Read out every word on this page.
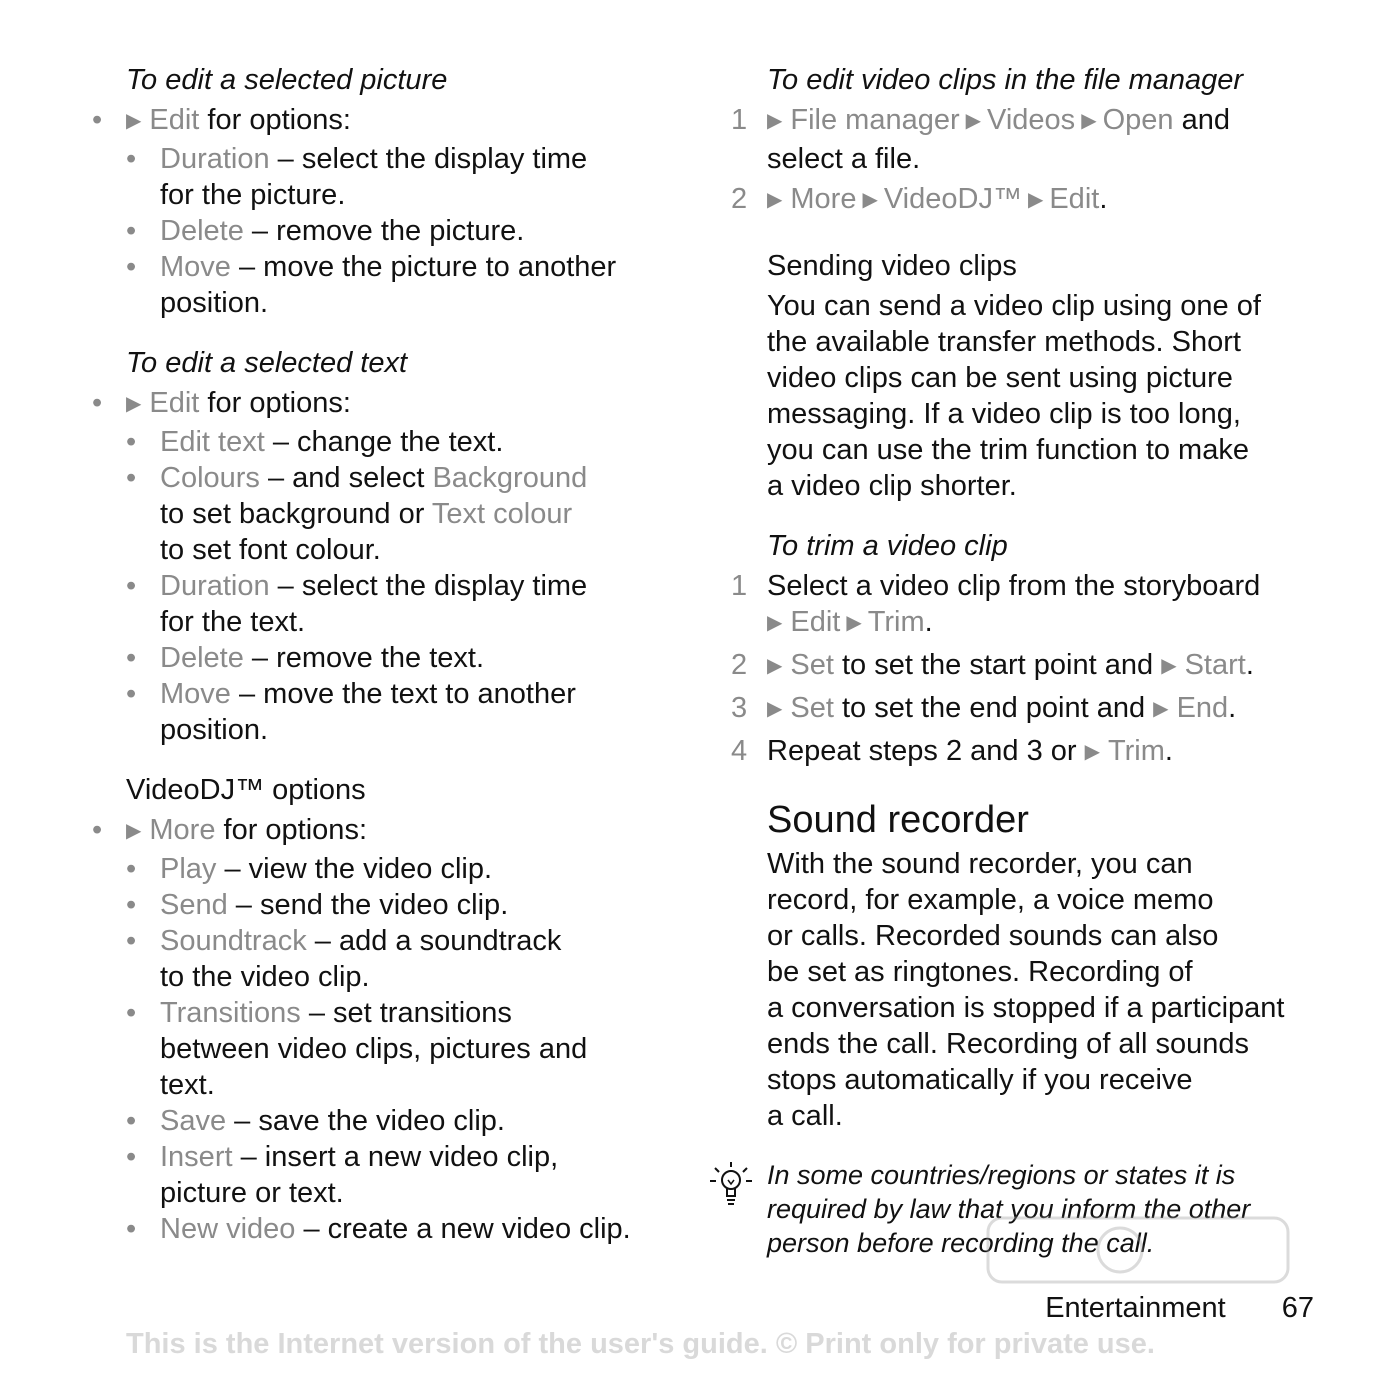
To edit a selected picture
• ▶ Edit for options:
• Duration – select the display time
for the picture.
• Delete – remove the picture.
• Move – move the picture to another
position.
To edit a selected text
• ▶ Edit for options:
• Edit text – change the text.
• Colours – and select Background
to set background or Text colour
to set font colour.
• Duration – select the display time
for the text.
• Delete – remove the text.
• Move – move the text to another
position.
VideoDJ™ options
• ▶ More for options:
• Play – view the video clip.
• Send – send the video clip.
• Soundtrack – add a soundtrack
to the video clip.
• Transitions – set transitions
between video clips, pictures and
text.
• Save – save the video clip.
• Insert – insert a new video clip,
picture or text.
• New video – create a new video clip.
To edit video clips in the file manager
1 ▶ File manager ▶ Videos ▶ Open and
select a file.
2 ▶ More ▶ VideoDJ™ ▶ Edit.
Sending video clips
You can send a video clip using one of
the available transfer methods. Short
video clips can be sent using picture
messaging. If a video clip is too long,
you can use the trim function to make
a video clip shorter.
To trim a video clip
1 Select a video clip from the storyboard
▶ Edit ▶ Trim.
2 ▶ Set to set the start point and ▶ Start.
3 ▶ Set to set the end point and ▶ End.
4 Repeat steps 2 and 3 or ▶ Trim.
Sound recorder
With the sound recorder, you can
record, for example, a voice memo
or calls. Recorded sounds can also
be set as ringtones. Recording of
a conversation is stopped if a participant
ends the call. Recording of all sounds
stops automatically if you receive
a call.
In some countries/regions or states it is
required by law that you inform the other
person before recording the call.
Entertainment 67
This is the Internet version of the user's guide. © Print only for private use.
